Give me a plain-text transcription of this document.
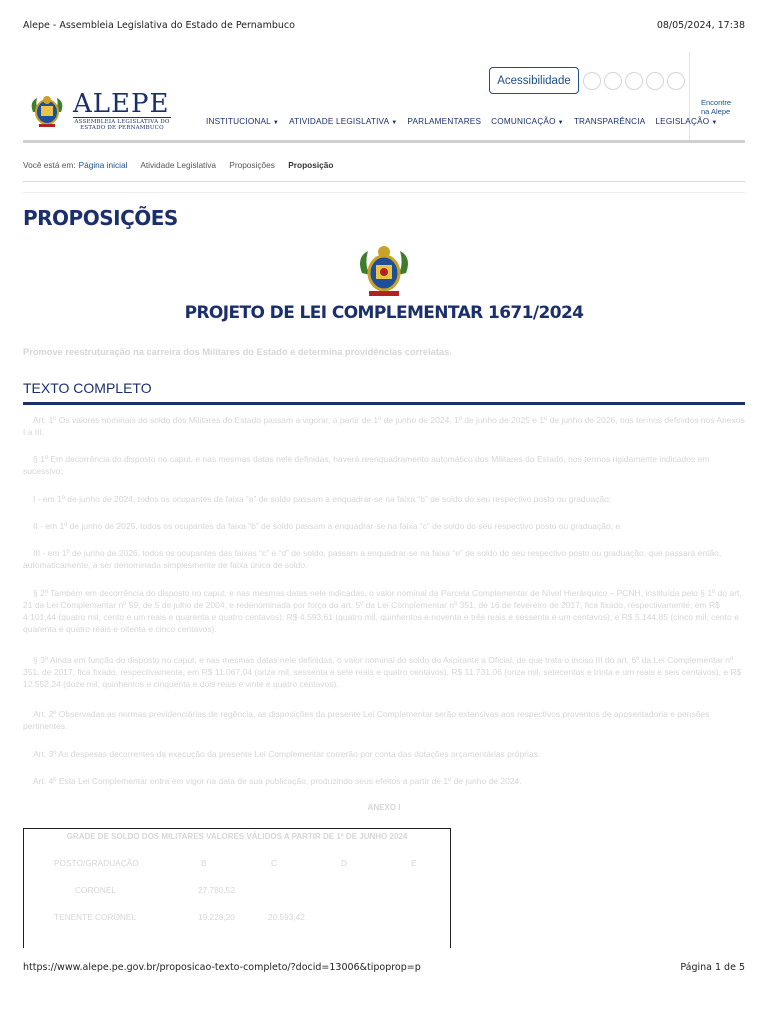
Alepe - Assembleia Legislativa do Estado de Pernambuco	08/05/2024, 17:38
Acessibilidade
Encontre
na Alepe
ALEPE
ASSEMBLEIA LEGISLATIVA DO
ESTADO DE PERNAMBUCO
INSTITUCIONAL ▼ ATIVIDADE LEGISLATIVA ▼ PARLAMENTARES COMUNICAÇÃO ▼ TRANSPARÊNCIA LEGISLAÇÃO ▼
Você está em: Página inicial Atividade Legislativa Proposições Proposição
PROPOSIÇÕES
PROJETO DE LEI COMPLEMENTAR 1671/2024
Promove reestruturação na carreira dos Militares do Estado e determina providências correlatas.
TEXTO COMPLETO

Art. 1º Os valores nominais do soldo dos Militares do Estado passam a vigorar, a partir de 1º de junho de 2024, 1º de junho de 2025 e 1º de junho de 2026, nos termos definidos nos Anexos I a III.

§ 1º Em decorrência do disposto no caput, e nas mesmas datas nele definidas, haverá reenquadramento automático dos Militares do Estado, nos termos rigidamente indicados em sucessivo:

I - em 1º de junho de 2024, todos os ocupantes da faixa “a” de soldo passam a enquadrar-se na faixa “b” de soldo do seu respectivo posto ou graduação;

II - em 1º de junho de 2025, todos os ocupantes da faixa “b” de soldo passam a enquadrar-se na faixa “c” de soldo do seu respectivo posto ou graduação; e

III - em 1º de junho de 2026, todos os ocupantes das faixas “c” e “d” de soldo, passam a enquadrar-se na faixa “e” de soldo do seu respectivo posto ou graduação, que passará então, automaticamente, a ser denominada simplesmente de faixa única de soldo.

§ 2º Também em decorrência do disposto no caput, e nas mesmas datas nele indicadas, o valor nominal da Parcela Complementar de Nível Hierárquico – PCNH, instituída pelo § 1º do art. 21 da Lei Complementar nº 59, de 5 de julho de 2004, e redenominada por força do art. 5º da Lei Complementar nº 351, de 16 de fevereiro de 2017, fica fixado, respectivamente, em R$ 4.101,44 (quatro mil, cento e um reais e quarenta e quatro centavos); R$ 4.593,61 (quatro mil, quinhentos e noventa e três reais e sessenta e um centavos); e R$ 5.144,85 (cinco mil, cento e quarenta e quatro reais e oitenta e cinco centavos).

§ 3º Ainda em função do disposto no caput, e nas mesmas datas nele definidas, o valor nominal do soldo do Aspirante a Oficial, de que trata o inciso III do art. 6º da Lei Complementar nº 351, de 2017, fica fixado, respectivamente, em R$ 11.067,04 (onze mil, sessenta e sete reais e quatro centavos), R$ 11.731,06 (onze mil, setecentos e trinta e um reais e seis centavos), e R$ 12.552,24 (doze mil, quinhentos e cinquenta e dois reais e vinte e quatro centavos).

Art. 2º Observadas as normas previdenciárias de regência, as disposições da presente Lei Complementar serão extensivas aos respectivos proventos de aposentadoria e pensões pertinentes.

Art. 3º As despesas decorrentes da execução da presente Lei Complementar correrão por conta das dotações orçamentárias próprias.

Art. 4º Esta Lei Complementar entra em vigor na data de sua publicação, produzindo seus efeitos a partir de 1º de junho de 2024.

ANEXO I
GRADE DE SOLDO DOS MILITARES VALORES VÁLIDOS A PARTIR DE 1º DE JUNHO 2024
POSTO/GRADUAÇÃO	B	C	D	E
CORONEL	27.780,52
TENENTE CORONEL	19.228,20	20.593,42
https://www.alepe.pe.gov.br/proposicao-texto-completo/?docid=13006&tipoprop=p	Página 1 de 5
